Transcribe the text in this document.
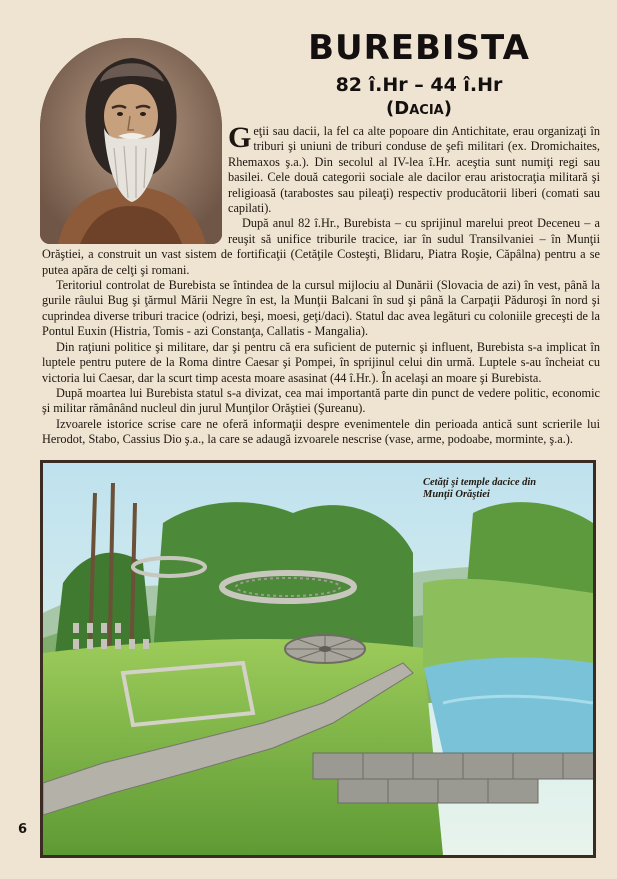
BUREBISTA
82 î.Hr – 44 î.Hr
(Dacia)

Geţii sau dacii, la fel ca alte popoare din Antichitate, erau organizaţi în triburi şi uniuni de triburi conduse de şefi militari (ex. Dromichaites, Rhemaxos ş.a.). Din secolul al IV-lea î.Hr. aceştia sunt numiţi regi sau basilei. Cele două categorii sociale ale dacilor erau aristocraţia militară şi religioasă (tarabostes sau pileaţi) respectiv producătorii liberi (comati sau capilati).

După anul 82 î.Hr., Burebista – cu sprijinul marelui preot Deceneu – a reuşit să unifice triburile tracice, iar în sudul Transilvaniei – în Munţii Orăştiei, a construit un vast sistem de fortificaţii (Cetăţile Costeşti, Blidaru, Piatra Roşie, Căpâlna) pentru a se putea apăra de celţi şi romani.

Teritoriul controlat de Burebista se întindea de la cursul mijlociu al Dunării (Slovacia de azi) în vest, până la gurile râului Bug şi ţărmul Mării Negre în est, la Munţii Balcani în sud şi până la Carpaţii Păduroşi în nord şi cuprindea diverse triburi tracice (odrizi, beşi, moesi, geţi/daci). Statul dac avea legături cu coloniile greceşti de la Pontul Euxin (Histria, Tomis - azi Constanţa, Callatis - Mangalia).

Din raţiuni politice şi militare, dar şi pentru că era suficient de puternic şi influent, Burebista s-a implicat în luptele pentru putere de la Roma dintre Caesar şi Pompei, în sprijinul celui din urmă. Luptele s-au încheiat cu victoria lui Caesar, dar la scurt timp acesta moare asasinat (44 î.Hr.). În acelaşi an moare şi Burebista.

După moartea lui Burebista statul s-a divizat, cea mai importantă parte din punct de vedere politic, economic şi militar rămânând nucleul din jurul Munţilor Orăştiei (Şureanu).

Izvoarele istorice scrise care ne oferă informaţii despre evenimentele din perioada antică sunt scrierile lui Herodot, Stabo, Cassius Dio ş.a., la care se adaugă izvoarele nescrise (vase, arme, podoabe, morminte, ş.a.).

Cetăţi şi temple dacice din Munţii Orăştiei
6
